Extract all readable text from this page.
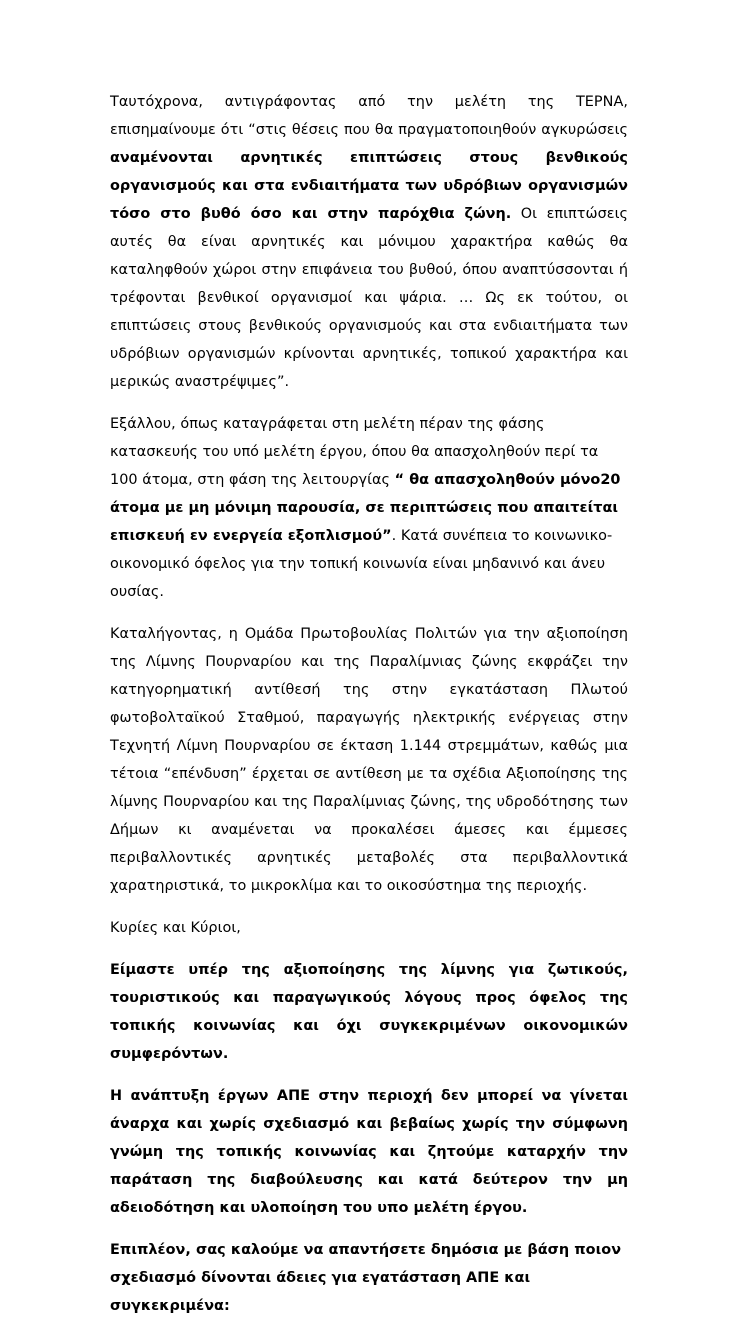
Ταυτόχρονα, αντιγράφοντας από την μελέτη της ΤΕΡΝΑ, επισημαίνουμε ότι “στις θέσεις που θα πραγματοποιηθούν αγκυρώσεις αναμένονται αρνητικές επιπτώσεις στους βενθικούς οργανισμούς και στα ενδιαιτήματα των υδρόβιων οργανισμών τόσο στο βυθό όσο και στην παρόχθια ζώνη. Οι επιπτώσεις αυτές θα είναι αρνητικές και μόνιμου χαρακτήρα καθώς θα καταληφθούν χώροι στην επιφάνεια του βυθού, όπου αναπτύσσονται ή τρέφονται βενθικοί οργανισμοί και ψάρια. … Ως εκ τούτου, οι επιπτώσεις στους βενθικούς οργανισμούς και στα ενδιαιτήματα των υδρόβιων οργανισμών κρίνονται αρνητικές, τοπικού χαρακτήρα και μερικώς αναστρέψιμες”.

Εξάλλου, όπως καταγράφεται στη μελέτη πέραν της φάσης κατασκευής του υπό μελέτη έργου, όπου θα απασχοληθούν περί τα 100 άτομα, στη φάση της λειτουργίας “ θα απασχοληθούν μόνο20 άτομα με μη μόνιμη παρουσία, σε περιπτώσεις που απαιτείται επισκευή εν ενεργεία εξοπλισμού”. Κατά συνέπεια το κοινωνικο-οικονομικό όφελος για την τοπική κοινωνία είναι μηδανινό και άνευ ουσίας.

Καταλήγοντας, η Ομάδα Πρωτοβουλίας Πολιτών για την αξιοποίηση της Λίμνης Πουρναρίου και της Παραλίμνιας ζώνης εκφράζει την κατηγορηματική αντίθεσή της στην εγκατάσταση Πλωτού φωτοβολταϊκού Σταθμού, παραγωγής ηλεκτρικής ενέργειας στην Τεχνητή Λίμνη Πουρναρίου σε έκταση 1.144 στρεμμάτων, καθώς μια τέτοια “επένδυση” έρχεται σε αντίθεση με τα σχέδια Αξιοποίησης της λίμνης Πουρναρίου και της Παραλίμνιας ζώνης, της υδροδότησης των Δήμων κι αναμένεται να προκαλέσει άμεσες και έμμεσες περιβαλλοντικές αρνητικές μεταβολές στα περιβαλλοντικά χαρατηριστικά, το μικροκλίμα και το οικοσύστημα της περιοχής.

Κυρίες και Κύριοι,

Είμαστε υπέρ της αξιοποίησης της λίμνης για ζωτικούς, τουριστικούς και παραγωγικούς λόγους προς όφελος της τοπικής κοινωνίας και όχι συγκεκριμένων οικονομικών συμφερόντων.

Η ανάπτυξη έργων ΑΠΕ στην περιοχή δεν μπορεί να γίνεται άναρχα και χωρίς σχεδιασμό και βεβαίως χωρίς την σύμφωνη γνώμη της τοπικής κοινωνίας και ζητούμε καταρχήν την παράταση της διαβούλευσης και κατά δεύτερον την μη αδειοδότηση και υλοποίηση του υπο μελέτη έργου.

Επιπλέον, σας καλούμε να απαντήσετε δημόσια με βάση ποιον σχεδιασμό δίνονται άδειες για εγατάσταση ΑΠΕ και συγκεκριμένα:
